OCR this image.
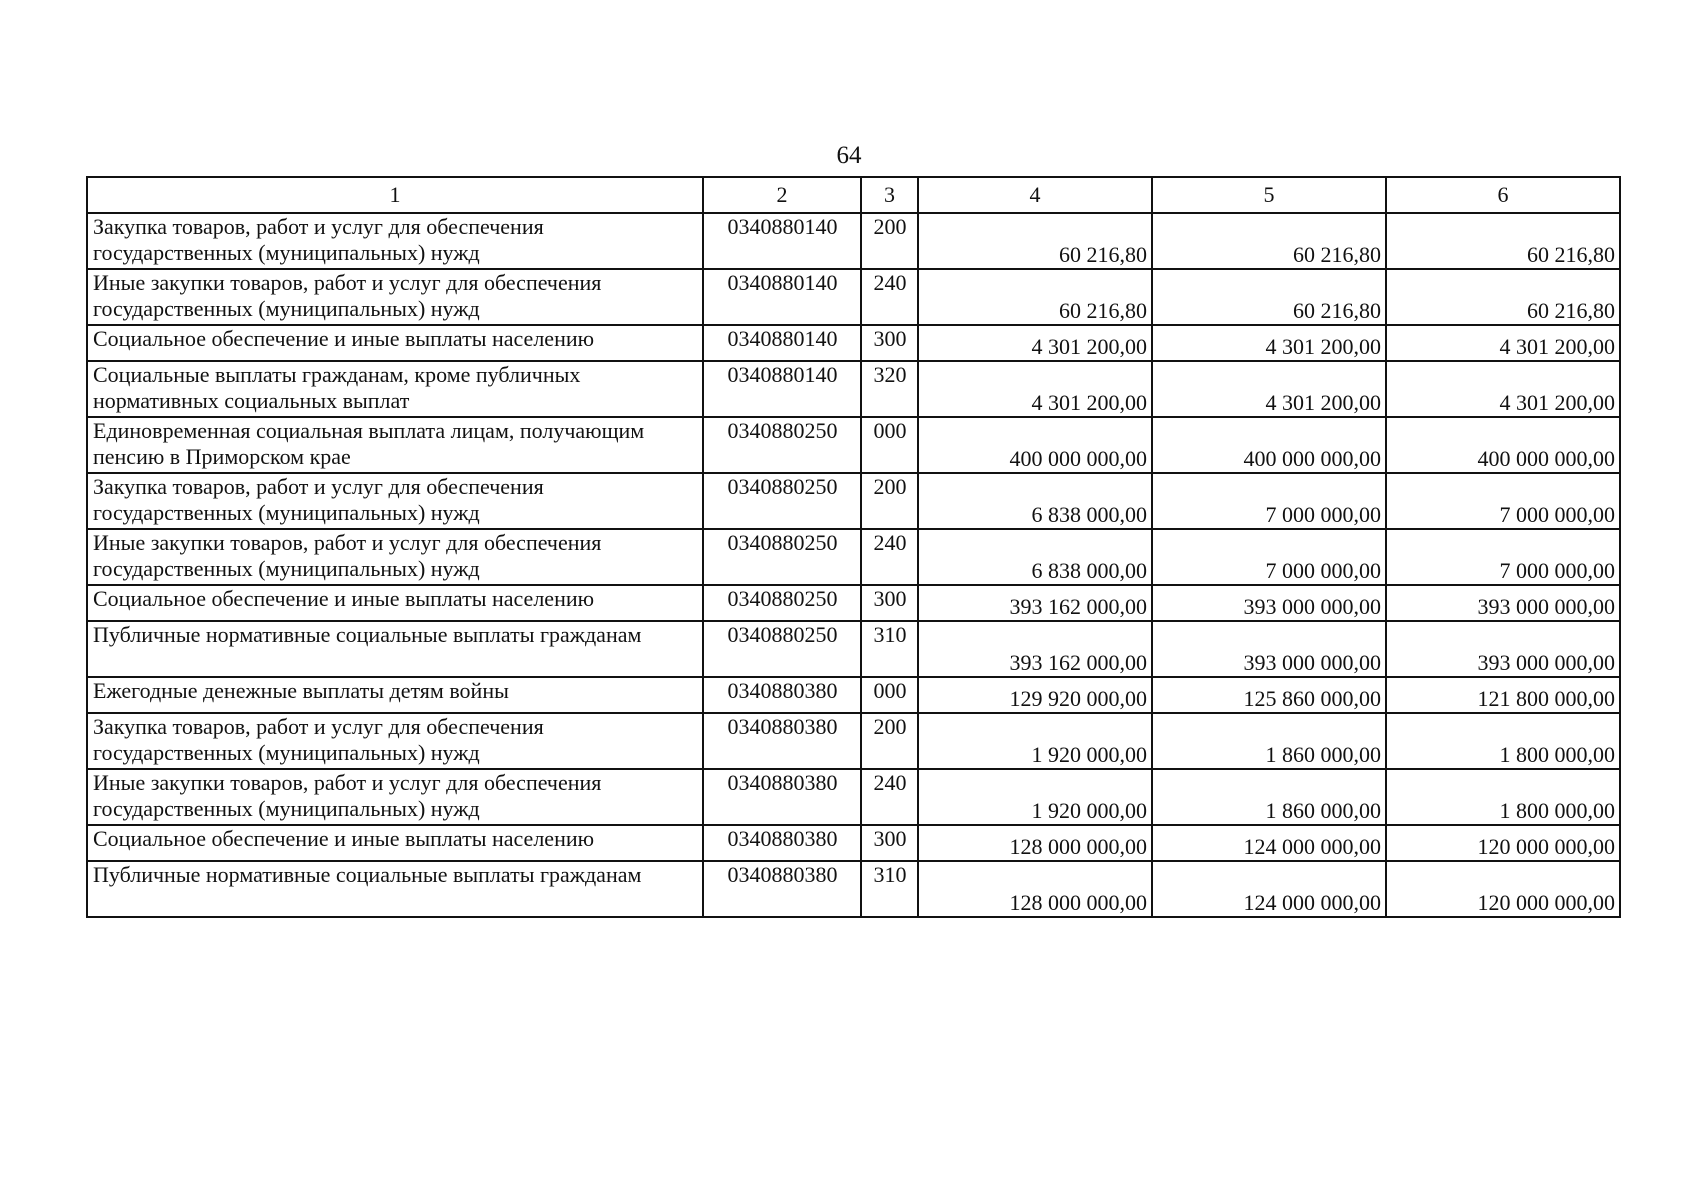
64
1	2	3	4	5	6
Закупка товаров, работ и услуг для обеспечения государственных (муниципальных) нужд	0340880140	200	60 216,80	60 216,80	60 216,80
Иные закупки товаров, работ и услуг для обеспечения государственных (муниципальных) нужд	0340880140	240	60 216,80	60 216,80	60 216,80
Социальное обеспечение и иные выплаты населению	0340880140	300	4 301 200,00	4 301 200,00	4 301 200,00
Социальные выплаты гражданам, кроме публичных нормативных социальных выплат	0340880140	320	4 301 200,00	4 301 200,00	4 301 200,00
Единовременная социальная выплата лицам, получающим пенсию в Приморском крае	0340880250	000	400 000 000,00	400 000 000,00	400 000 000,00
Закупка товаров, работ и услуг для обеспечения государственных (муниципальных) нужд	0340880250	200	6 838 000,00	7 000 000,00	7 000 000,00
Иные закупки товаров, работ и услуг для обеспечения государственных (муниципальных) нужд	0340880250	240	6 838 000,00	7 000 000,00	7 000 000,00
Социальное обеспечение и иные выплаты населению	0340880250	300	393 162 000,00	393 000 000,00	393 000 000,00
Публичные нормативные социальные выплаты гражданам	0340880250	310	393 162 000,00	393 000 000,00	393 000 000,00
Ежегодные денежные выплаты детям войны	0340880380	000	129 920 000,00	125 860 000,00	121 800 000,00
Закупка товаров, работ и услуг для обеспечения государственных (муниципальных) нужд	0340880380	200	1 920 000,00	1 860 000,00	1 800 000,00
Иные закупки товаров, работ и услуг для обеспечения государственных (муниципальных) нужд	0340880380	240	1 920 000,00	1 860 000,00	1 800 000,00
Социальное обеспечение и иные выплаты населению	0340880380	300	128 000 000,00	124 000 000,00	120 000 000,00
Публичные нормативные социальные выплаты гражданам	0340880380	310	128 000 000,00	124 000 000,00	120 000 000,00
